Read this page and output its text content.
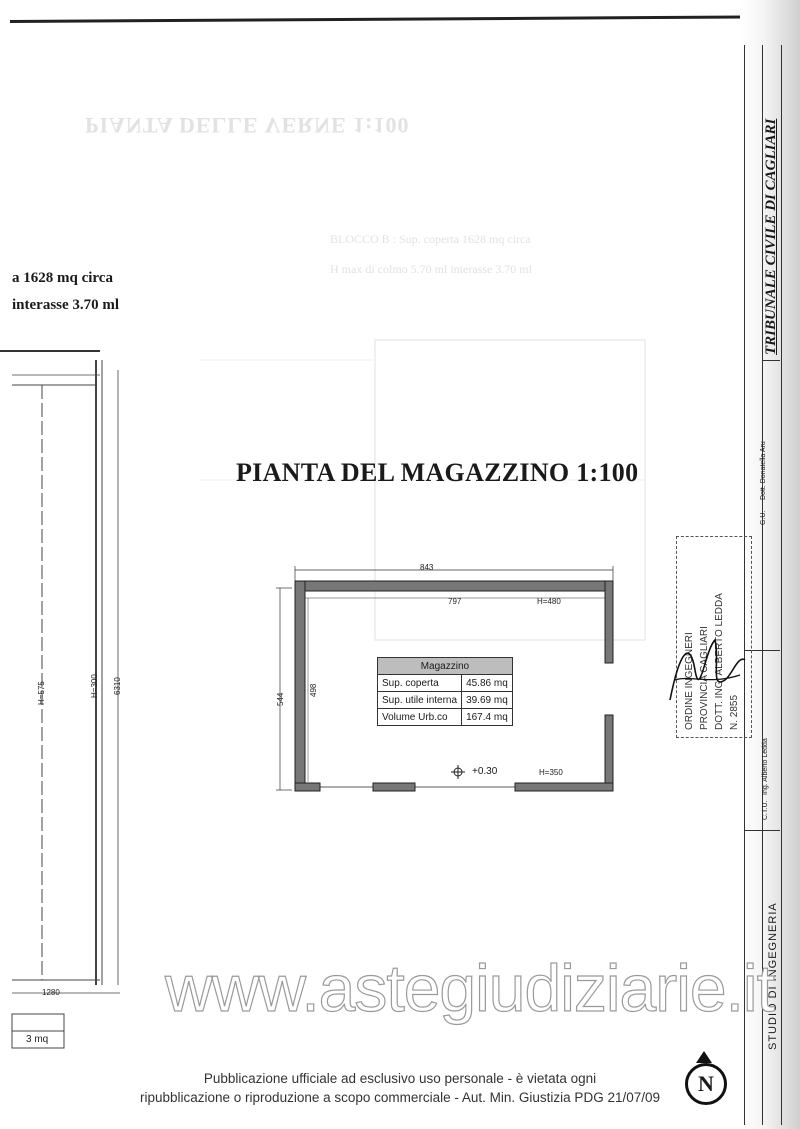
PIANTA DELLE VERNE 1:100
BLOCCO B : Sup. coperta 1628 mq circa
H max di colmo 5.70 ml interasse 3.70 ml
a 1628 mq circa
interasse 3.70 ml
H=575	H=300 6310
1280
3 mq
PIANTA DEL MAGAZZINO 1:100
843
797	H=480
544
498
H=350
+0.30
Magazzino	
Sup. coperta	45.86 mq
Sup. utile interna	39.69 mq
Volume Urb.co	167.4 mq
TRIBUNALE CIVILE DI CAGLIARI
G.U.
Dott. Donatella Aru
C.T.U.
Ing. Alberto Ledda
STUDIO DI INGEGNERIA
ORDINE INGEGNERI PROVINCIA CAGLIARI DOTT. ING. ALBERTO LEDDA N. 2855
www.astegiudiziarie.it
Pubblicazione ufficiale ad esclusivo uso personale - è vietata ogni
ripubblicazione o riproduzione a scopo commerciale - Aut. Min. Giustizia PDG 21/07/09
N
